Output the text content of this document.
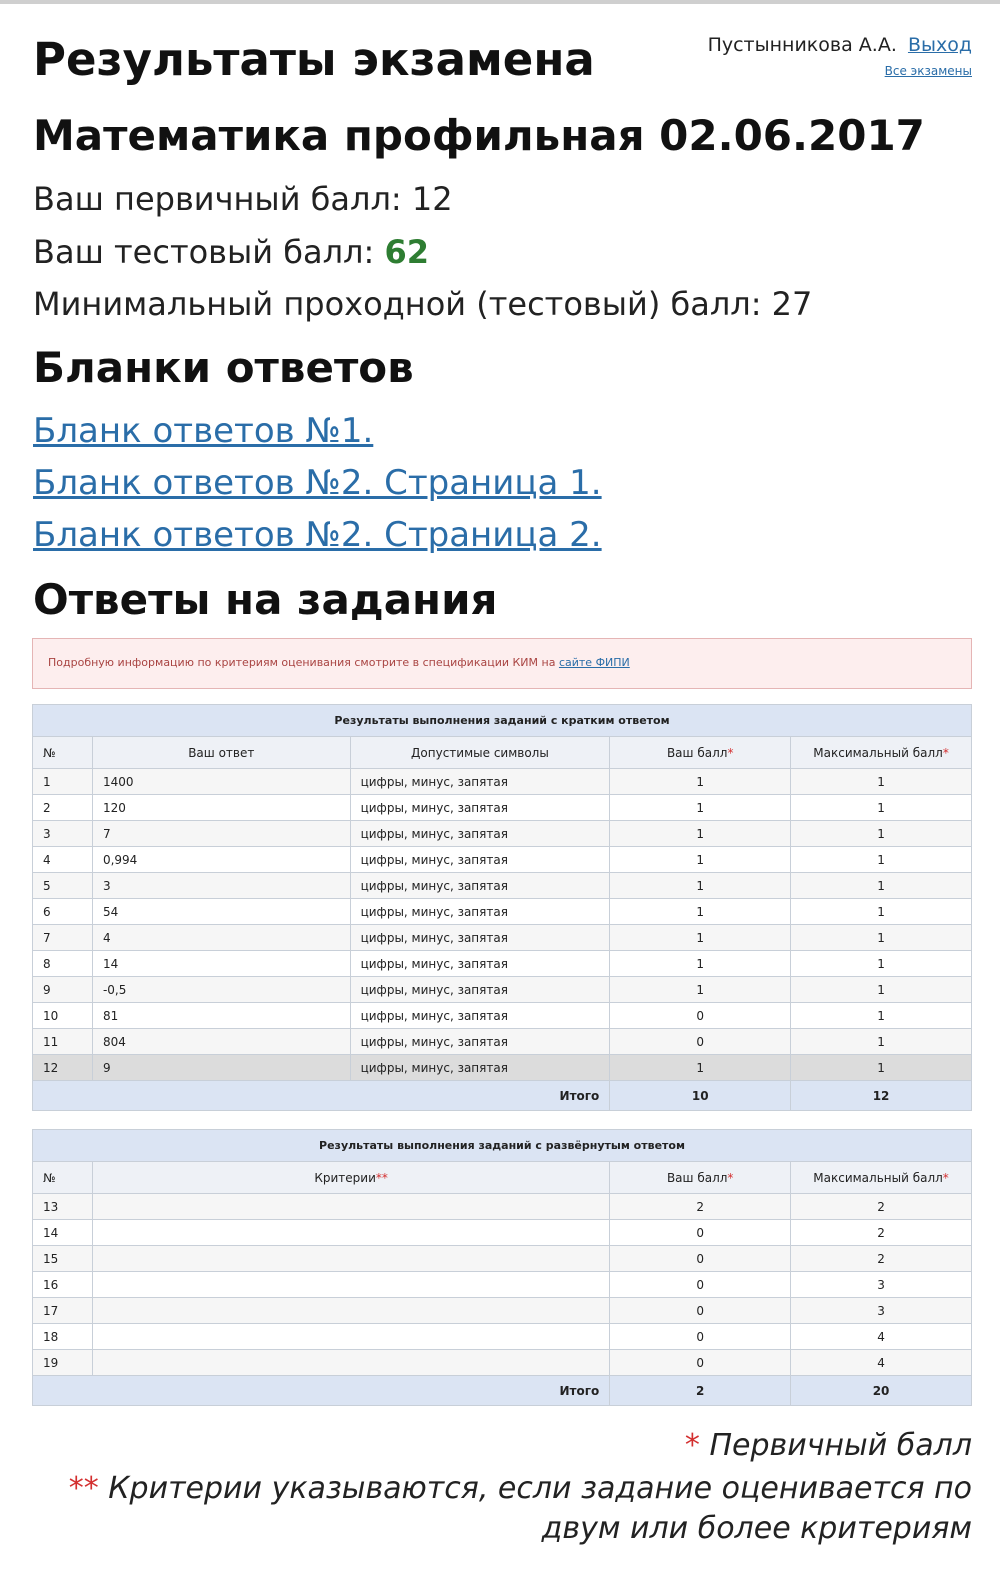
Результаты экзамена	Пустынникова А.А. Выход
Все экзамены
Математика профильная 02.06.2017
Ваш первичный балл: 12
Ваш тестовый балл: 62
Минимальный проходной (тестовый) балл: 27
Бланки ответов
Бланк ответов №1.
Бланк ответов №2. Страница 1.
Бланк ответов №2. Страница 2.
Ответы на задания
Подробную информацию по критериям оценивания смотрите в спецификации КИМ на сайте ФИПИ
Результаты выполнения заданий с кратким ответом				
№	Ваш ответ	Допустимые символы	Ваш балл*	Максимальный балл*
1	1400	цифры, минус, запятая	1	1
2	120	цифры, минус, запятая	1	1
3	7	цифры, минус, запятая	1	1
4	0,994	цифры, минус, запятая	1	1
5	3	цифры, минус, запятая	1	1
6	54	цифры, минус, запятая	1	1
7	4	цифры, минус, запятая	1	1
8	14	цифры, минус, запятая	1	1
9	-0,5	цифры, минус, запятая	1	1
10	81	цифры, минус, запятая	0	1
11	804	цифры, минус, запятая	0	1
12	9	цифры, минус, запятая	1	1
Итого			10	12
Результаты выполнения заданий с развёрнутым ответом			
№	Критерии**	Ваш балл*	Максимальный балл*
13		2	2
14		0	2
15		0	2
16		0	3
17		0	3
18		0	4
19		0	4
Итого		2	20
* Первичный балл
** Критерии указываются, если задание оценивается по
двум или более критериям
